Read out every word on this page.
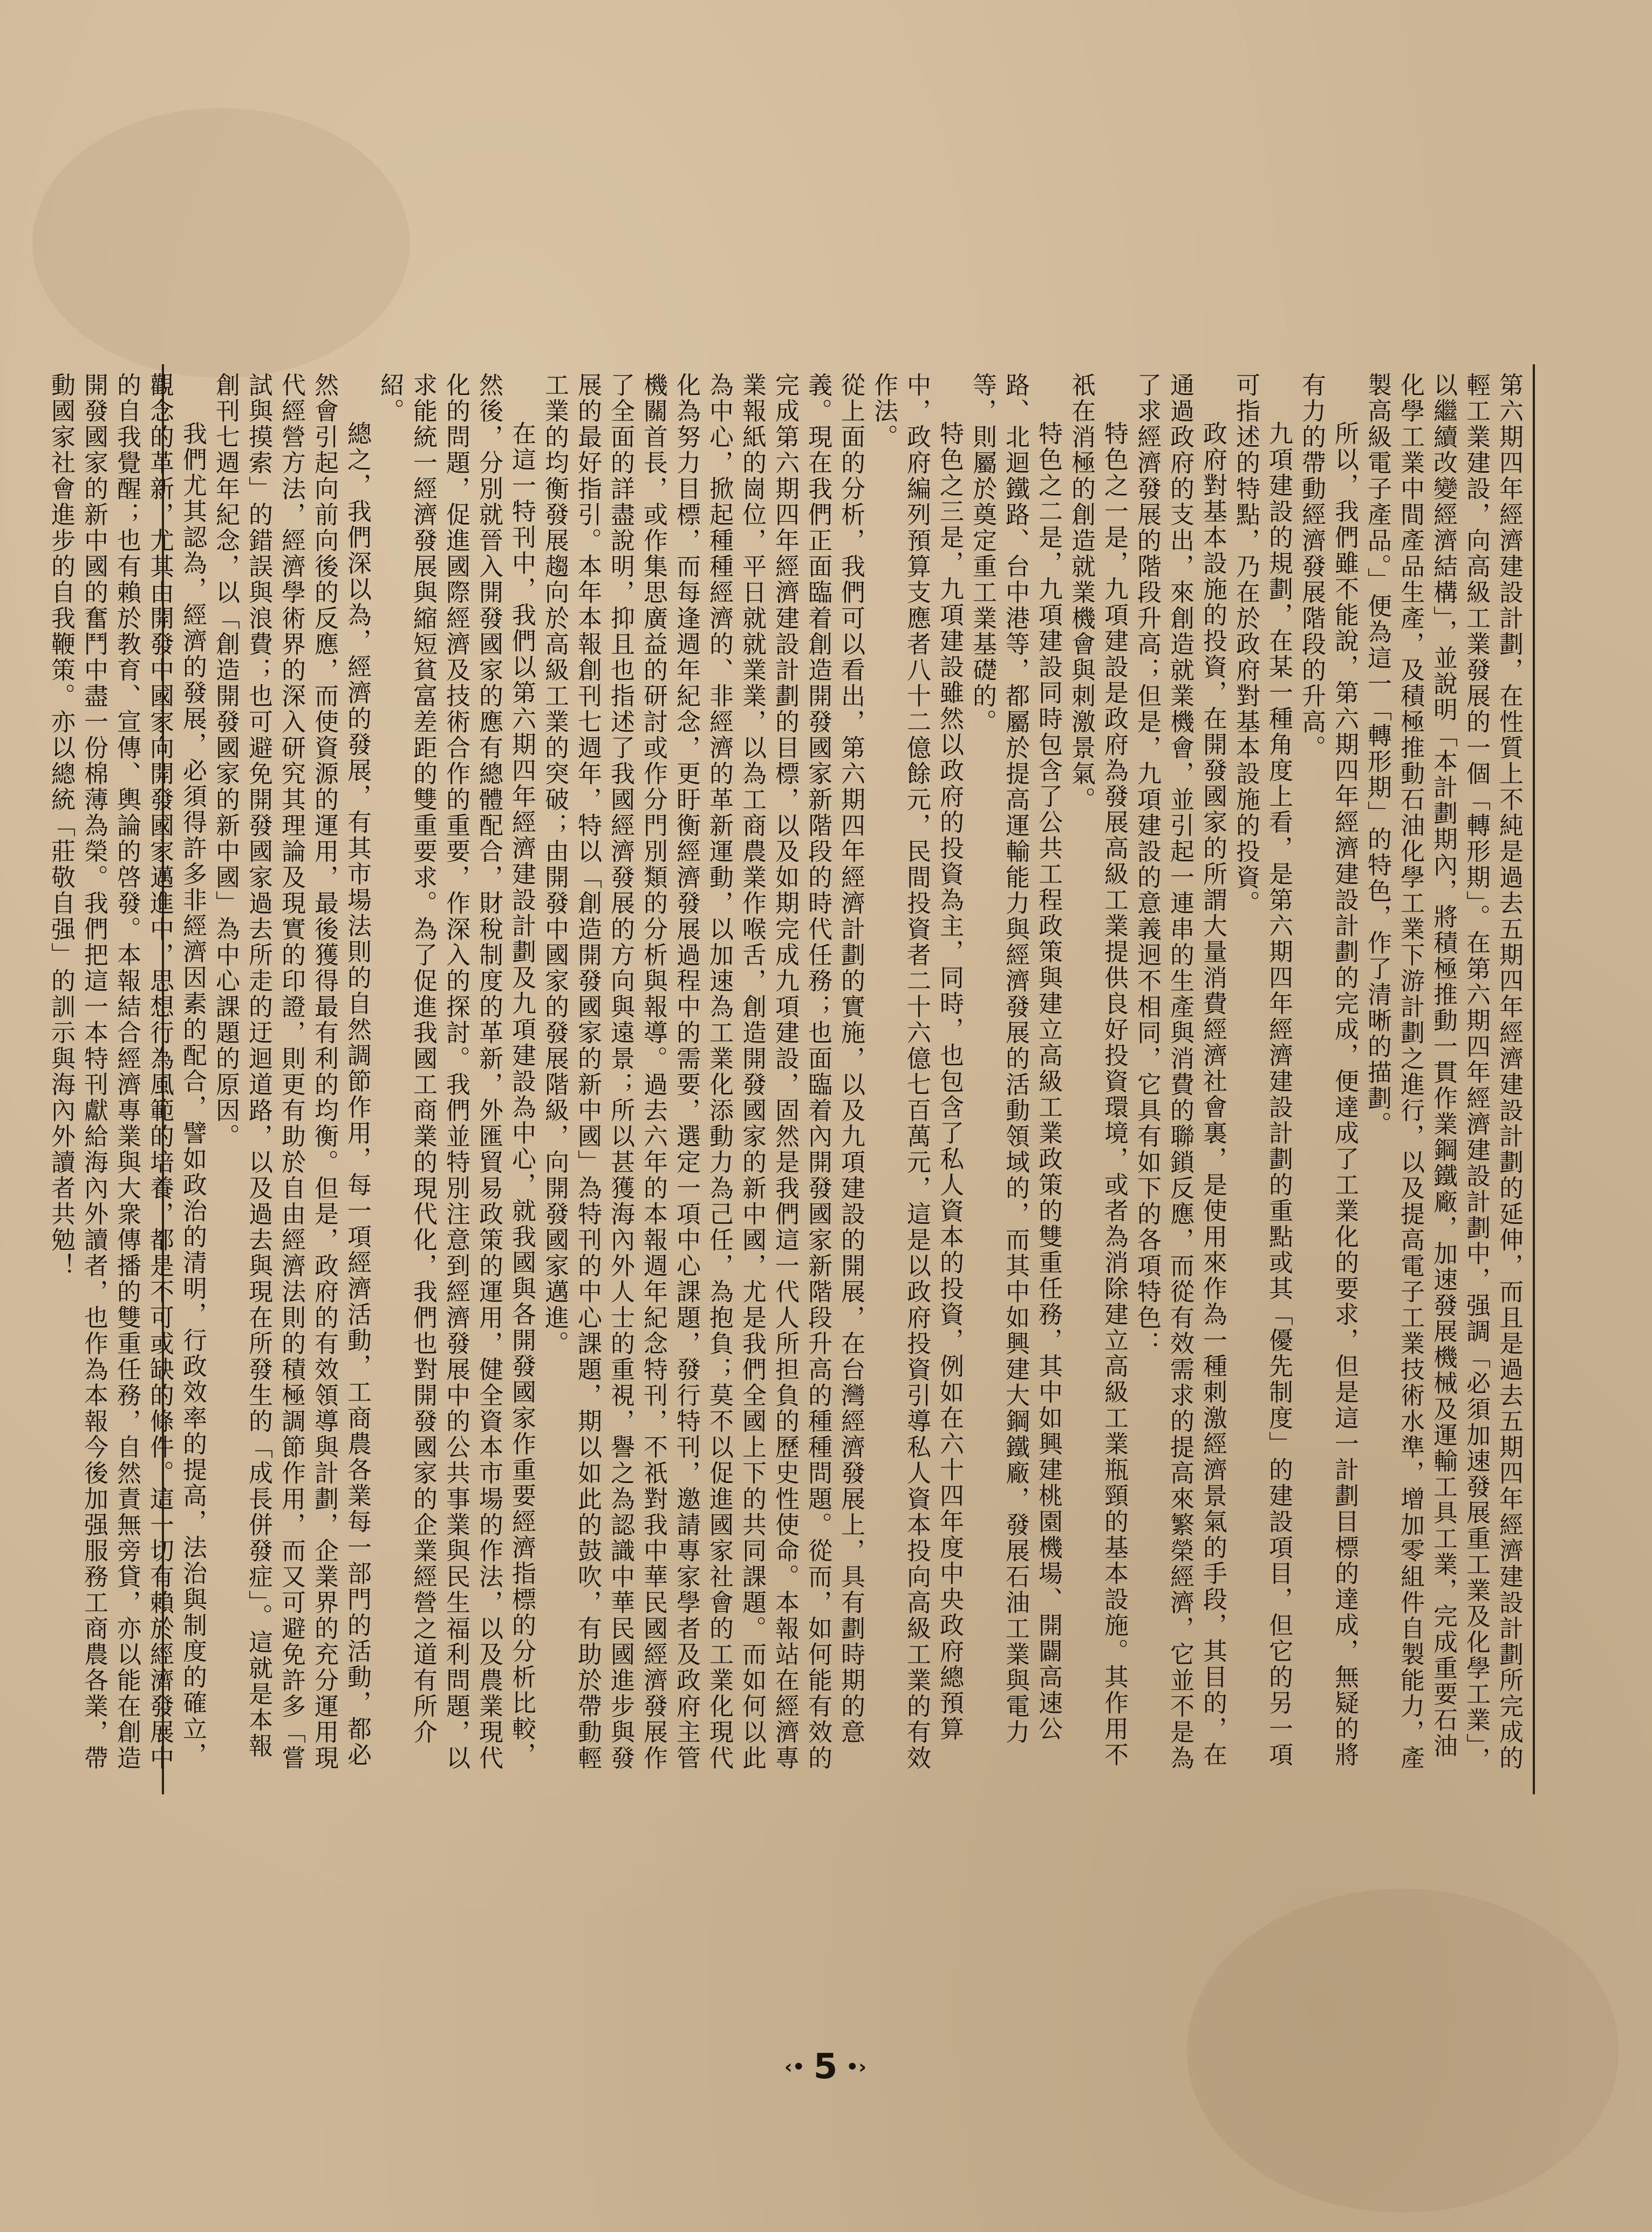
第六期四年經濟建設計劃，在性質上不純是過去五期四年經濟建設計劃的延伸，而且是過去五期四年經濟建設計劃所完成的輕工業建設，向高級工業發展的一個「轉形期」。在第六期四年經濟建設計劃中，强調「必須加速發展重工業及化學工業」，以繼續改變經濟結構」，並說明「本計劃期內，將積極推動一貫作業鋼鐵廠，加速發展機械及運輸工具工業，完成重要石油化學工業中間產品生產，及積極推動石油化學工業下游計劃之進行，以及提高電子工業技術水準，增加零組件自製能力，產製高級電子產品。」便為這一「轉形期」的特色，作了清晰的描劃。

所以，我們雖不能說，第六期四年經濟建設計劃的完成，便達成了工業化的要求，但是這一計劃目標的達成，無疑的將有力的帶動經濟發展階段的升高。

九項建設的規劃，在某一種角度上看，是第六期四年經濟建設計劃的重點或其「優先制度」的建設項目，但它的另一項可指述的特點，乃在於政府對基本設施的投資。

政府對基本設施的投資，在開發國家的所謂大量消費經濟社會裏，是使用來作為一種刺激經濟景氣的手段，其目的，在通過政府的支出，來創造就業機會，並引起一連串的生產與消費的聯鎖反應，而從有效需求的提高來繁榮經濟，它並不是為了求經濟發展的階段升高；但是，九項建設的意義迥不相同，它具有如下的各項特色：

特色之一是，九項建設是政府為發展高級工業提供良好投資環境，或者為消除建立高級工業瓶頸的基本設施。其作用不祇在消極的創造就業機會與刺激景氣。

特色之二是，九項建設同時包含了公共工程政策與建立高級工業政策的雙重任務，其中如興建桃園機場、開闢高速公路、北迴鐵路、台中港等，都屬於提高運輸能力與經濟發展的活動領域的，而其中如興建大鋼鐵廠，發展石油工業與電力等，則屬於奠定重工業基礎的。

特色之三是，九項建設雖然以政府的投資為主，同時，也包含了私人資本的投資，例如在六十四年度中央政府總預算中，政府編列預算支應者八十二億餘元，民間投資者二十六億七百萬元，這是以政府投資引導私人資本投向高級工業的有效作法。

從上面的分析，我們可以看出，第六期四年經濟計劃的實施，以及九項建設的開展，在台灣經濟發展上，具有劃時期的意義。現在我們正面臨着創造開發國家新階段的時代任務；也面臨着內開發國家新階段升高的種種問題。從而，如何能有效的完成第六期四年經濟建設計劃的目標，以及如期完成九項建設，固然是我們這一代人所担負的歷史性使命。本報站在經濟專業報紙的崗位，平日就就業業，以為工商農業作喉舌，創造開發國家的新中國，尤是我們全國上下的共同課題。而如何以此為中心，掀起種種經濟的、非經濟的革新運動，以加速為工業化添動力為己任，為抱負；莫不以促進國家社會的工業化現代化為努力目標，而每逢週年紀念，更盱衡經濟發展過程中的需要，選定一項中心課題，發行特刊，邀請專家學者及政府主管機關首長，或作集思廣益的研討或作分門別類的分析與報導。過去六年的本報週年紀念特刊，不祇對我中華民國經濟發展作了全面的詳盡說明，抑且也指述了我國經濟發展的方向與遠景；所以甚獲海內外人士的重視，譽之為認識中華民國進步與發展的最好指引。本年本報創刊七週年，特以「創造開發國家的新中國」為特刊的中心課題，期以如此的鼓吹，有助於帶動輕工業的均衡發展趨向於高級工業的突破；由開發中國家的發展階級，向開發國家邁進。

在這一特刊中，我們以第六期四年經濟建設計劃及九項建設為中心，就我國與各開發國家作重要經濟指標的分析比較，然後，分別就晉入開發國家的應有總體配合，財稅制度的革新，外匯貿易政策的運用，健全資本市場的作法，以及農業現代化的問題，促進國際經濟及技術合作的重要，作深入的探討。我們並特別注意到經濟發展中的公共事業與民生福利問題，以求能統一經濟發展與縮短貧富差距的雙重要求。為了促進我國工商業的現代化，我們也對開發國家的企業經營之道有所介紹。

總之，我們深以為，經濟的發展，有其市場法則的自然調節作用，每一項經濟活動，工商農各業每一部門的活動，都必然會引起向前向後的反應，而使資源的運用，最後獲得最有利的均衡。但是，政府的有效領導與計劃，企業界的充分運用現代經營方法，經濟學術界的深入研究其理論及現實的印證，則更有助於自由經濟法則的積極調節作用，而又可避免許多「嘗試與摸索」的錯誤與浪費；也可避免開發國家過去所走的迂迴道路，以及過去與現在所發生的「成長併發症」。這就是本報創刊七週年紀念，以「創造開發國家的新中國」為中心課題的原因。

我們尤其認為，經濟的發展，必須得許多非經濟因素的配合，譬如政治的清明，行政效率的提高，法治與制度的確立，觀念的革新，尤其由開發中國家向開發國家邁進中，思想行為風範的培養，都是不可或缺的條件。這一切有賴於經濟發展中的自我覺醒；也有賴於教育、宣傳、輿論的啓發。本報結合經濟專業與大衆傳播的雙重任務，自然責無旁貸，亦以能在創造開發國家的新中國的奮鬥中盡一份棉薄為榮。我們把這一本特刊獻給海內外讀者，也作為本報今後加强服務工商農各業，帶動國家社會進步的自我鞭策。亦以總統「莊敬自强」的訓示與海內外讀者共勉！

‹• 5 •›
